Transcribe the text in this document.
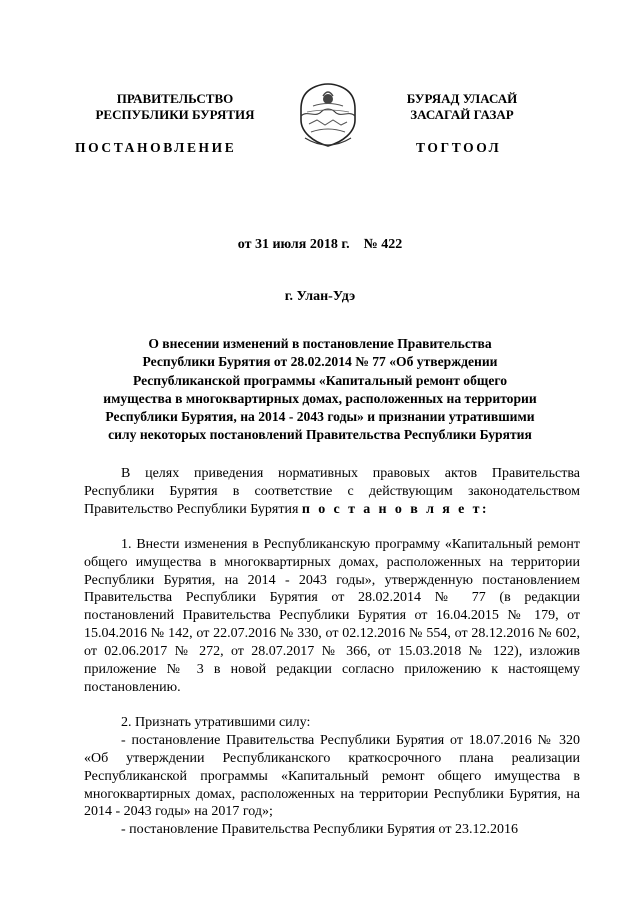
ПРАВИТЕЛЬСТВО
РЕСПУБЛИКИ БУРЯТИЯ
БУРЯАД УЛАСАЙ
ЗАСАГАЙ ГАЗАР
ПОСТАНОВЛЕНИЕ	ТОГТООЛ
от 31 июля 2018 г. № 422
г. Улан-Удэ
О внесении изменений в постановление Правительства
Республики Бурятия от 28.02.2014 № 77 «Об утверждении
Республиканской программы «Капитальный ремонт общего
имущества в многоквартирных домах, расположенных на территории
Республики Бурятия, на 2014 - 2043 годы» и признании утратившими
силу некоторых постановлений Правительства Республики Бурятия

В целях приведения нормативных правовых актов Правительства Республики Бурятия в соответствие с действующим законодательством Правительство Республики Бурятия п о с т а н о в л я е т:

1. Внести изменения в Республиканскую программу «Капитальный ремонт общего имущества в многоквартирных домах, расположенных на территории Республики Бурятия, на 2014 - 2043 годы», утвержденную постановлением Правительства Республики Бурятия от 28.02.2014 № 77 (в редакции постановлений Правительства Республики Бурятия от 16.04.2015 № 179, от 15.04.2016 № 142, от 22.07.2016 № 330, от 02.12.2016 № 554, от 28.12.2016 № 602, от 02.06.2017 № 272, от 28.07.2017 № 366, от 15.03.2018 № 122), изложив приложение № 3 в новой редакции согласно приложению к настоящему постановлению.

2. Признать утратившими силу:

- постановление Правительства Республики Бурятия от 18.07.2016 № 320 «Об утверждении Республиканского краткосрочного плана реализации Республиканской программы «Капитальный ремонт общего имущества в многоквартирных домах, расположенных на территории Республики Бурятия, на 2014 - 2043 годы» на 2017 год»;

- постановление Правительства Республики Бурятия от 23.12.2016
